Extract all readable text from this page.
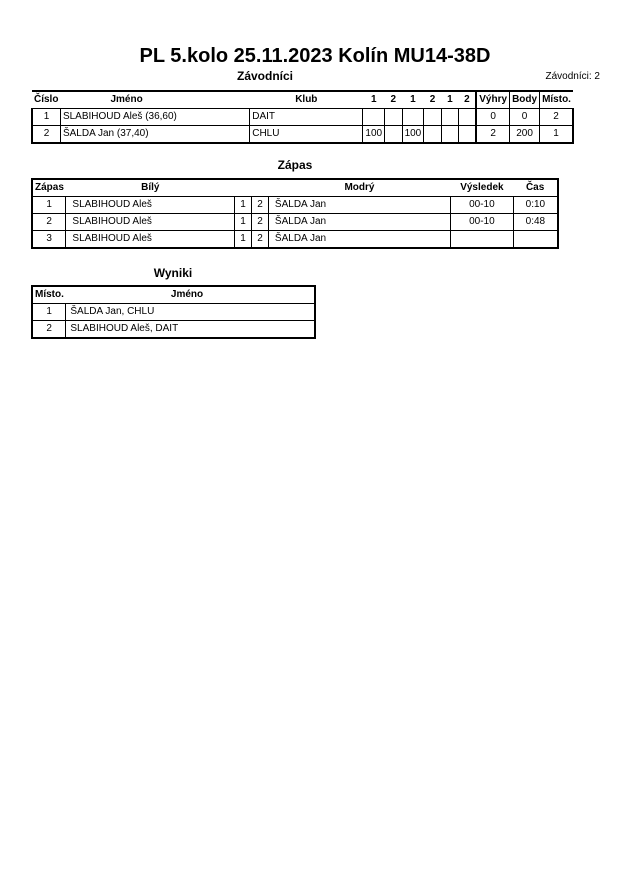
PL 5.kolo 25.11.2023 Kolín MU14-38D
Závodníci	Závodníci: 2
Číslo	Jméno	Klub	1	2	1	2	1	2	Výhry	Body	Místo.
1	SLABIHOUD Aleš (36,60)	DAIT							0	0	2
2	ŠALDA Jan (37,40)	CHLU	100		100				2	200	1
Zápas
Zápas	Bílý			Modrý	Výsledek	Čas
1	SLABIHOUD Aleš	1	2	ŠALDA Jan	00-10	0:10
2	SLABIHOUD Aleš	1	2	ŠALDA Jan	00-10	0:48
3	SLABIHOUD Aleš	1	2	ŠALDA Jan		
Wyniki
Místo.	Jméno
1	ŠALDA Jan, CHLU
2	SLABIHOUD Aleš, DAIT
